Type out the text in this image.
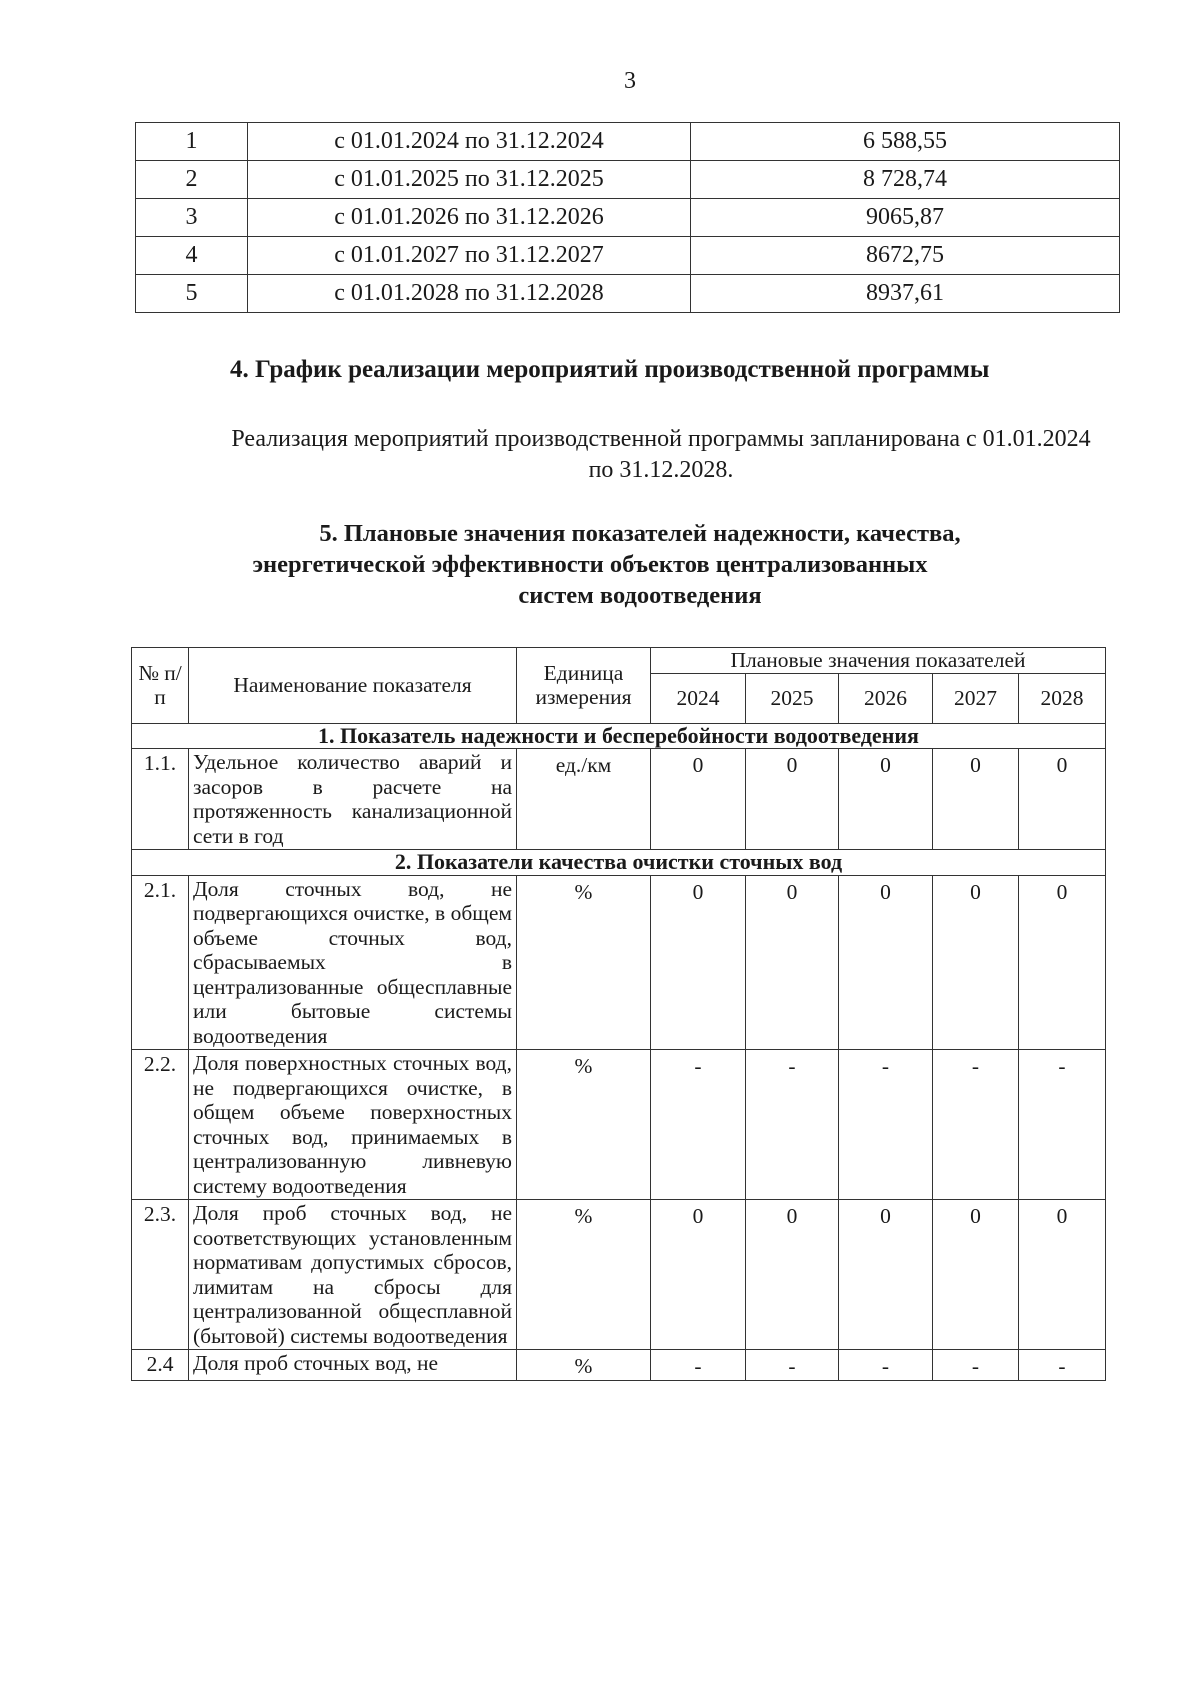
3
1	с 01.01.2024 по 31.12.2024	6 588,55
2	с 01.01.2025 по 31.12.2025	8 728,74
3	с 01.01.2026 по 31.12.2026	9065,87
4	с 01.01.2027 по 31.12.2027	8672,75
5	с 01.01.2028 по 31.12.2028	8937,61
4. График реализации мероприятий производственной программы
Реализация мероприятий производственной программы запланирована с 01.01.2024 по 31.12.2028.
5. Плановые значения показателей надежности, качества,
энергетической эффективности объектов централизованных
систем водоотведения
№ п/п	Наименование показателя	Единица измерения	Плановые значения показателей				
			2024	2025	2026	2027	2028
1. Показатель надежности и бесперебойности водоотведения							
1.1.	Удельное количество аварий и засоров в расчете на протяженность канализационной сети в год	ед./км	0	0	0	0	0
2. Показатели качества очистки сточных вод							
2.1.	Доля сточных вод, не подвергающихся очистке, в общем объеме сточных вод, сбрасываемых в централизованные общесплавные или бытовые системы водоотведения	%	0	0	0	0	0
2.2.	Доля поверхностных сточных вод, не подвергающихся очистке, в общем объеме поверхностных сточных вод, принимаемых в централизованную ливневую систему водоотведения	%	-	-	-	-	-
2.3.	Доля проб сточных вод, не соответствующих установленным нормативам допустимых сбросов, лимитам на сбросы для централизованной общесплавной (бытовой) системы водоотведения	%	0	0	0	0	0
2.4	Доля проб сточных вод, не	%	-	-	-	-	-
